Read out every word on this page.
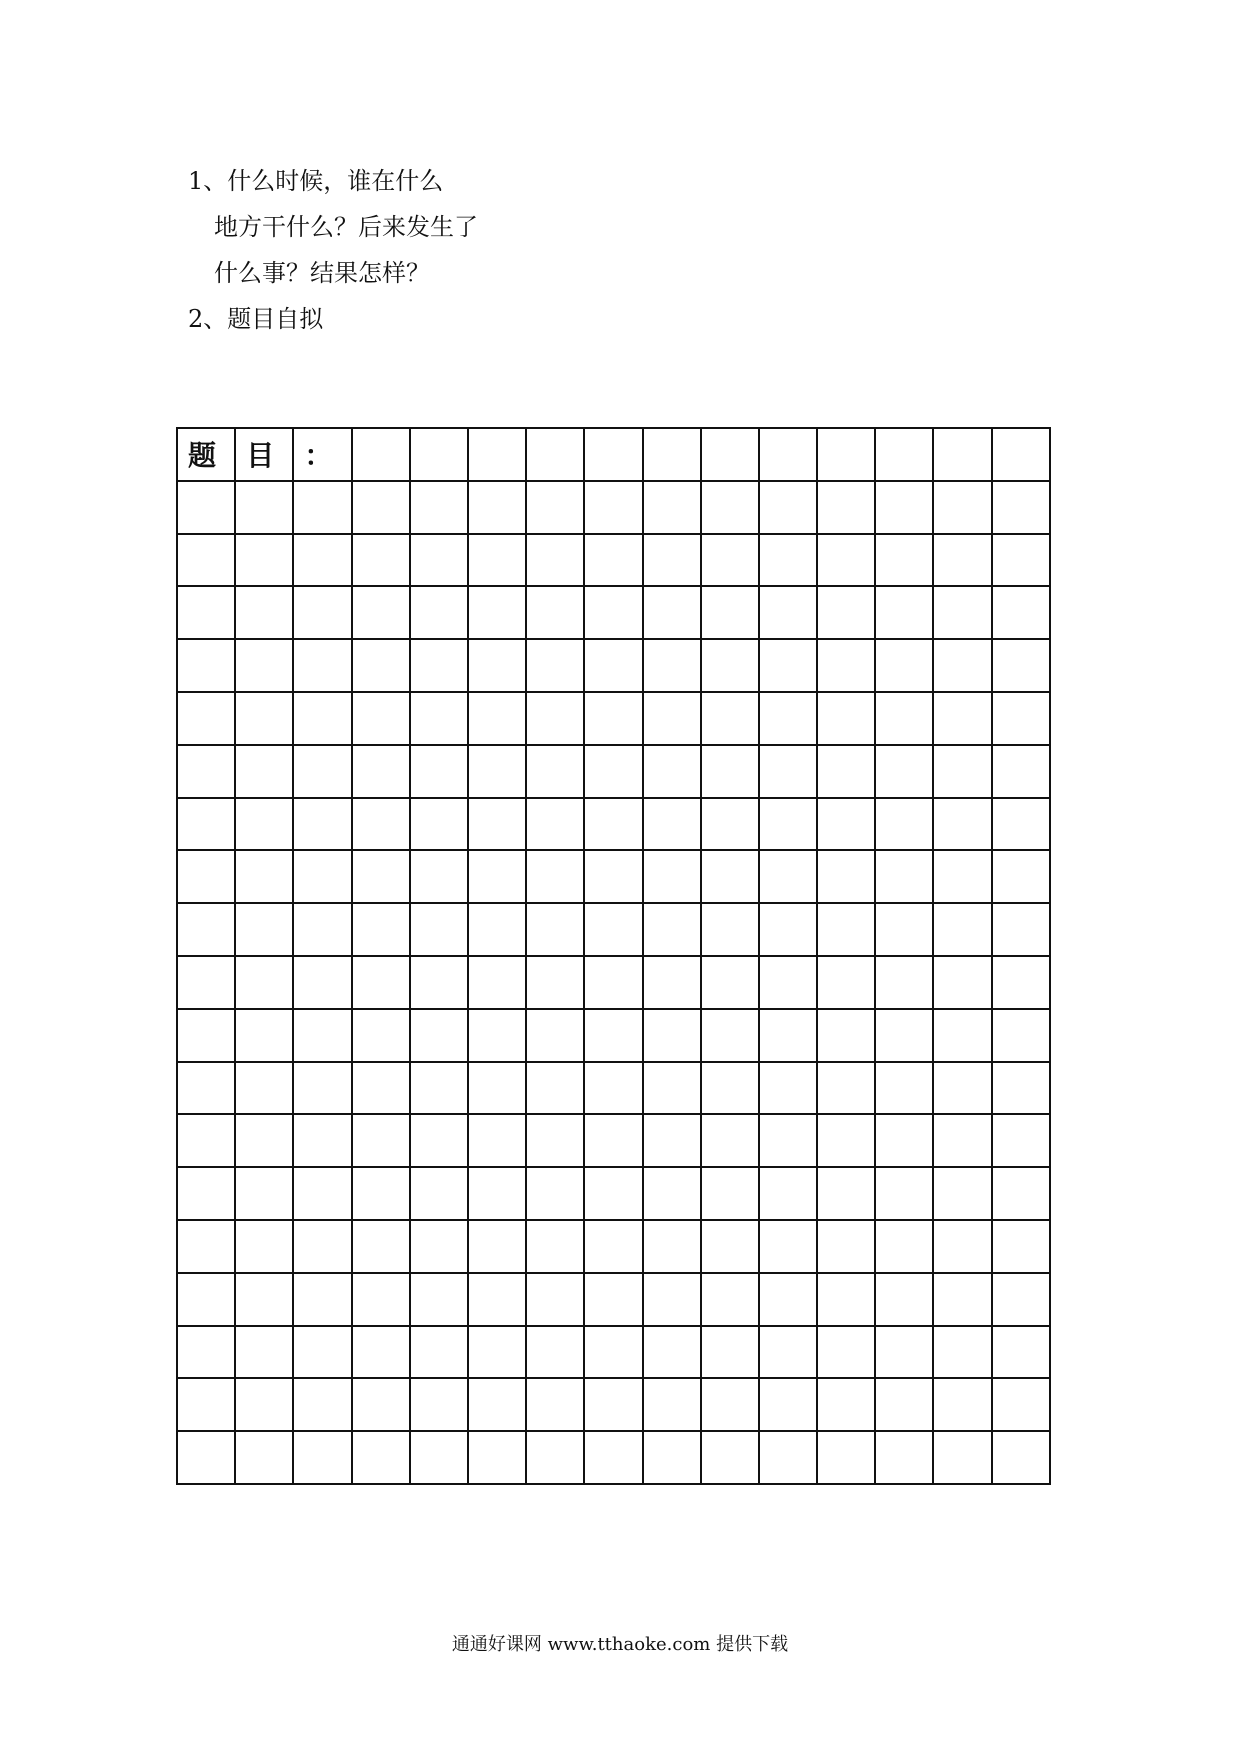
1、什么时候，谁在什么
地方干什么？后来发生了
什么事？结果怎样？
2、题目自拟
题	目	：												

通通好课网 www.tthaoke.com 提供下载
